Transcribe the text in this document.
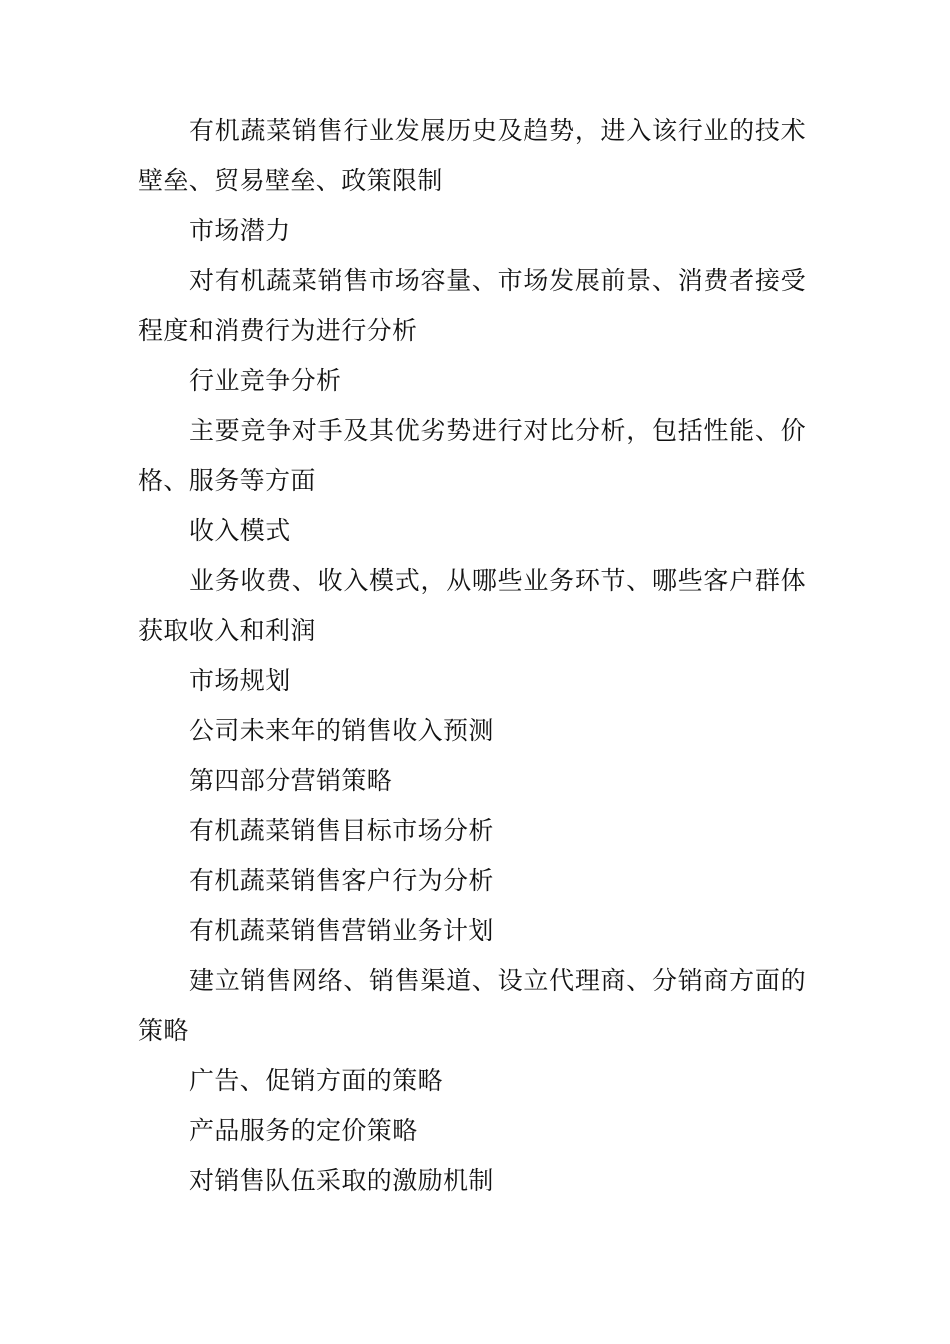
有机蔬菜销售行业发展历史及趋势，进入该行业的技术壁垒、贸易壁垒、政策限制

市场潜力

对有机蔬菜销售市场容量、市场发展前景、消费者接受程度和消费行为进行分析

行业竞争分析

主要竞争对手及其优劣势进行对比分析，包括性能、价格、服务等方面

收入模式

业务收费、收入模式，从哪些业务环节、哪些客户群体获取收入和利润

市场规划

公司未来年的销售收入预测

第四部分营销策略

有机蔬菜销售目标市场分析

有机蔬菜销售客户行为分析

有机蔬菜销售营销业务计划

建立销售网络、销售渠道、设立代理商、分销商方面的策略

广告、促销方面的策略

产品服务的定价策略

对销售队伍采取的激励机制
